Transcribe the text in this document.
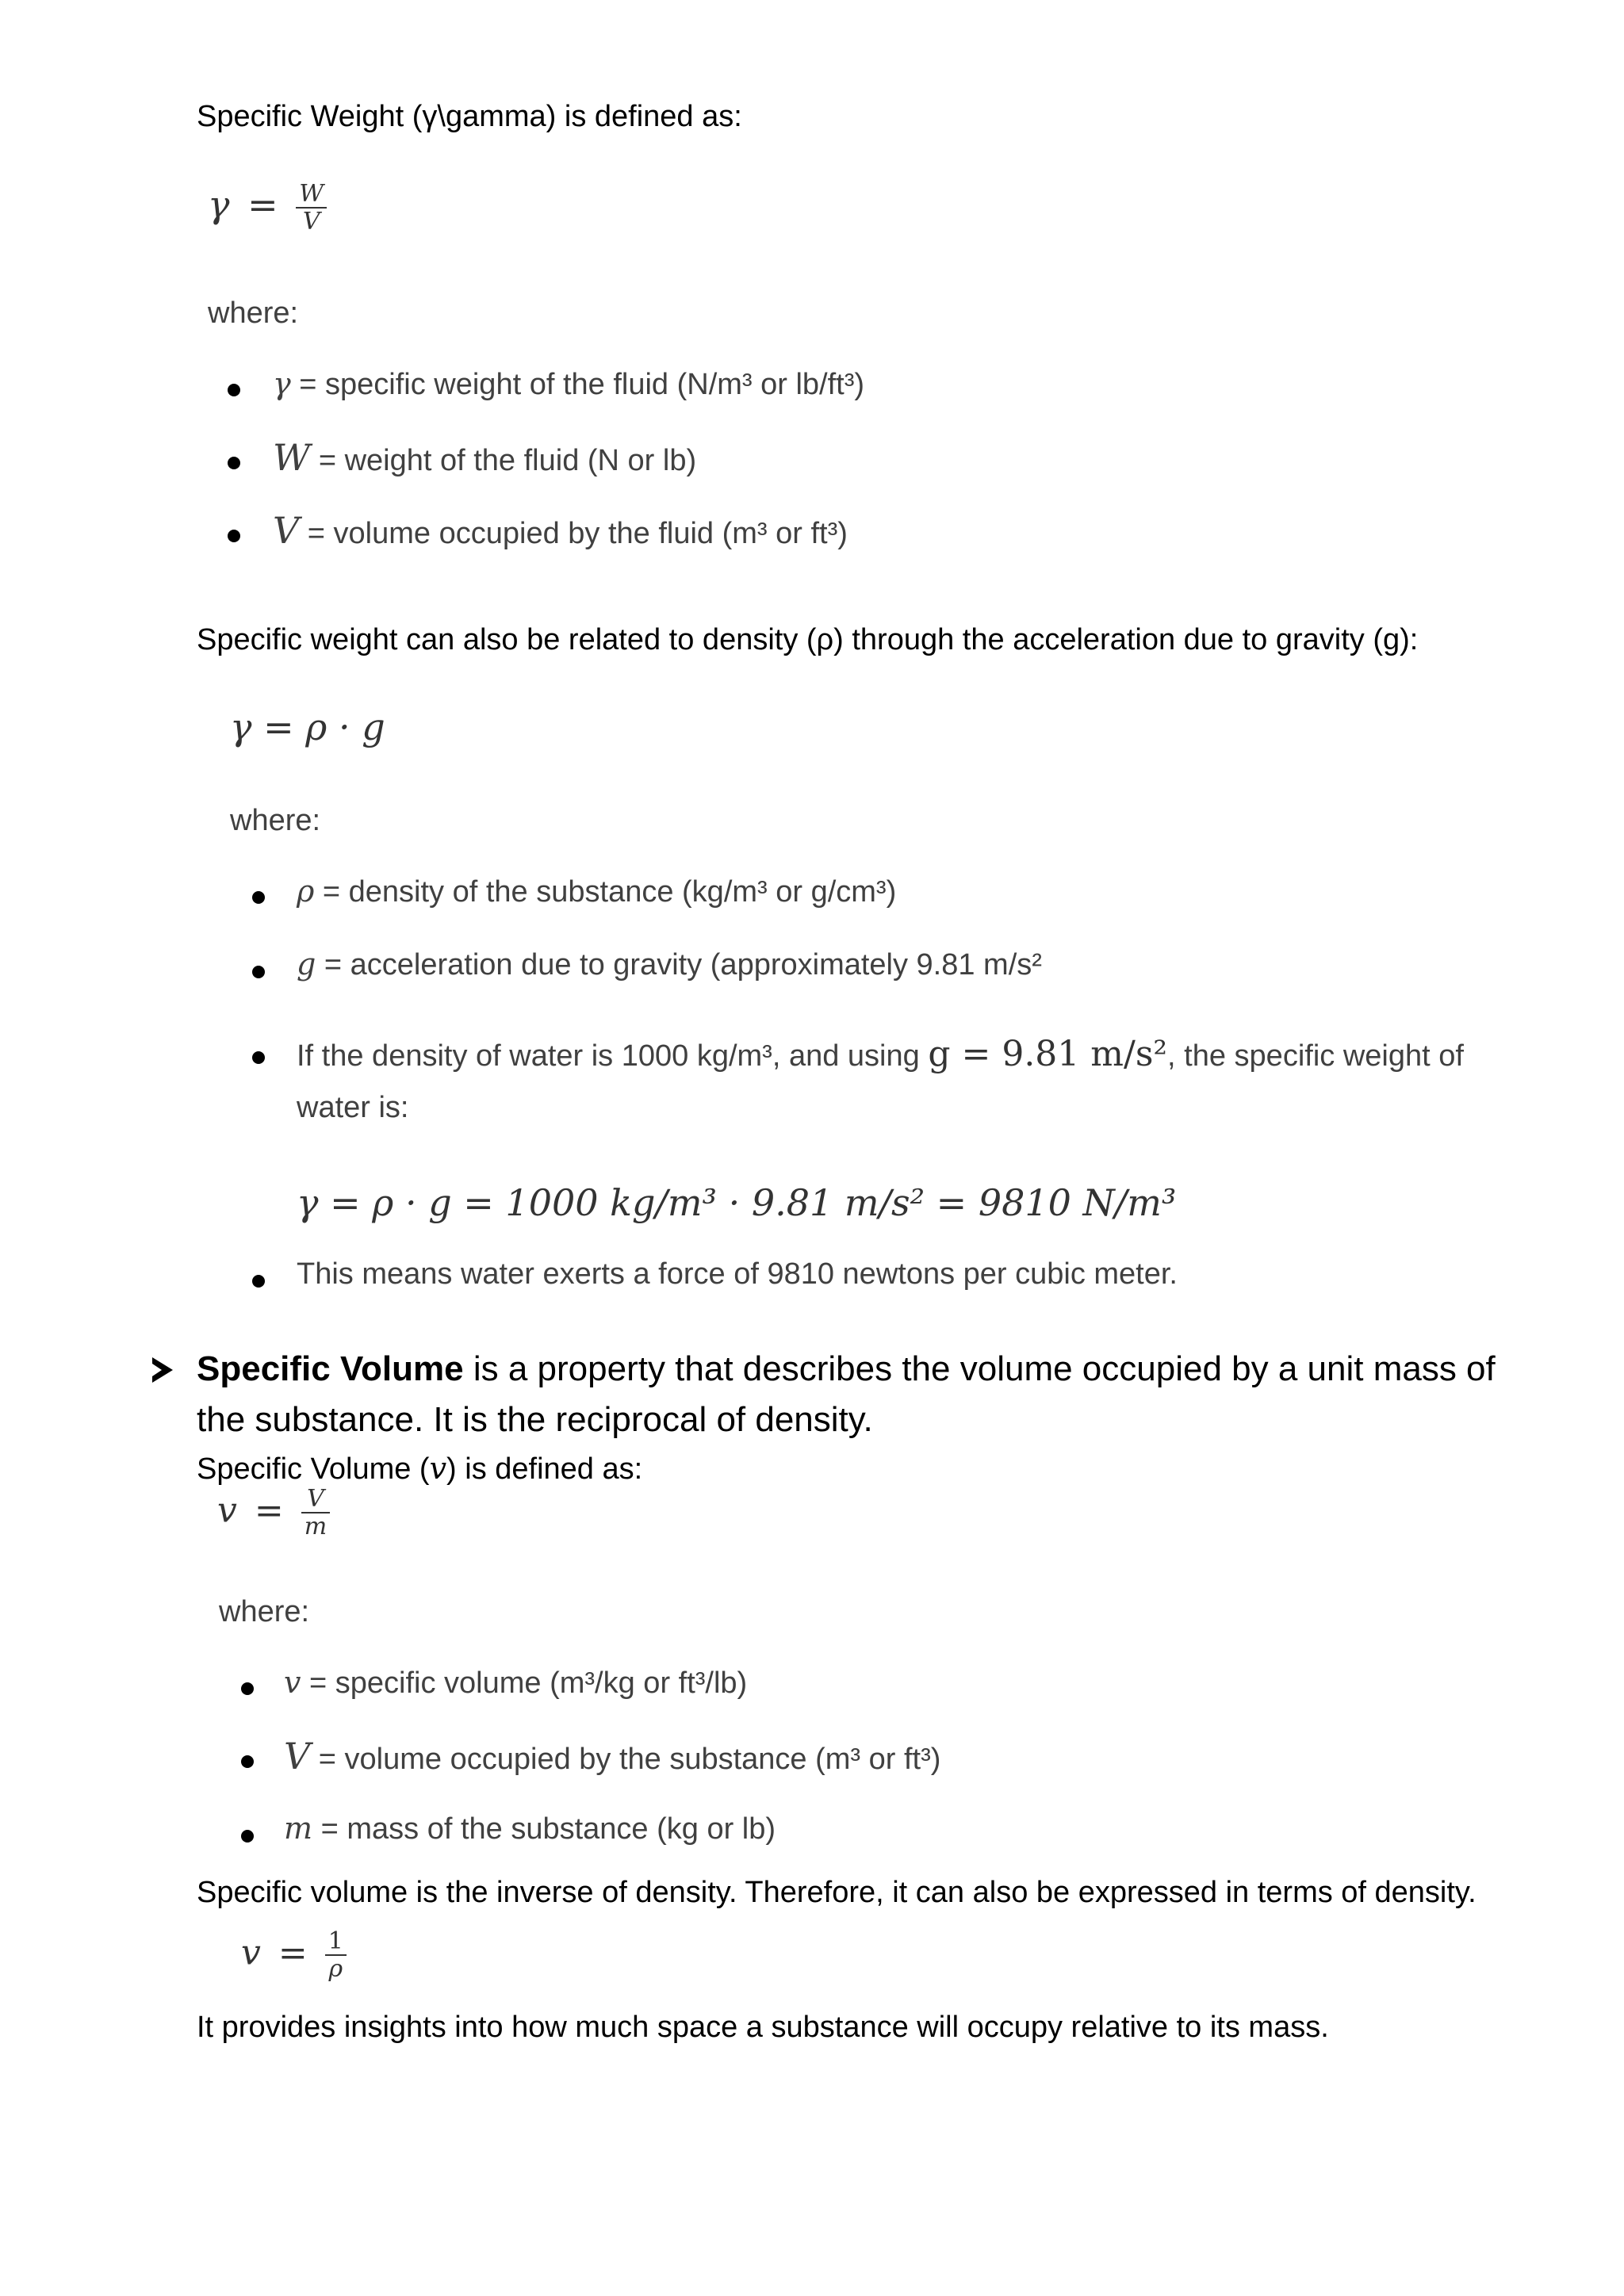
Specific Weight (γ\gamma) is defined as:
$\gamma = \frac{W}{V}$
where:
γ = specific weight of the fluid (N/m³ or lb/ft³)
W = weight of the fluid (N or lb)
V = volume occupied by the fluid (m³ or ft³)
Specific weight can also be related to density (ρ) through the acceleration due to gravity (g):
γ = ρ · g
where:
ρ = density of the substance (kg/m³ or g/cm³)
g = acceleration due to gravity (approximately 9.81 m/s²
If the density of water is 1000 kg/m³, and using g = 9.81 m/s², the specific weight of
water is:
γ = ρ · g = 1000 kg/m³ · 9.81 m/s² = 9810 N/m³
This means water exerts a force of 9810 newtons per cubic meter.
Specific Volume is a property that describes the volume occupied by a unit mass of
the substance. It is the reciprocal of density.
Specific Volume (v) is defined as:
$v = \frac{V}{m}$
where:
v = specific volume (m³/kg or ft³/lb)
V = volume occupied by the substance (m³ or ft³)
m = mass of the substance (kg or lb)
Specific volume is the inverse of density. Therefore, it can also be expressed in terms of density.
$v = \frac{1}{\rho}$
It provides insights into how much space a substance will occupy relative to its mass.
